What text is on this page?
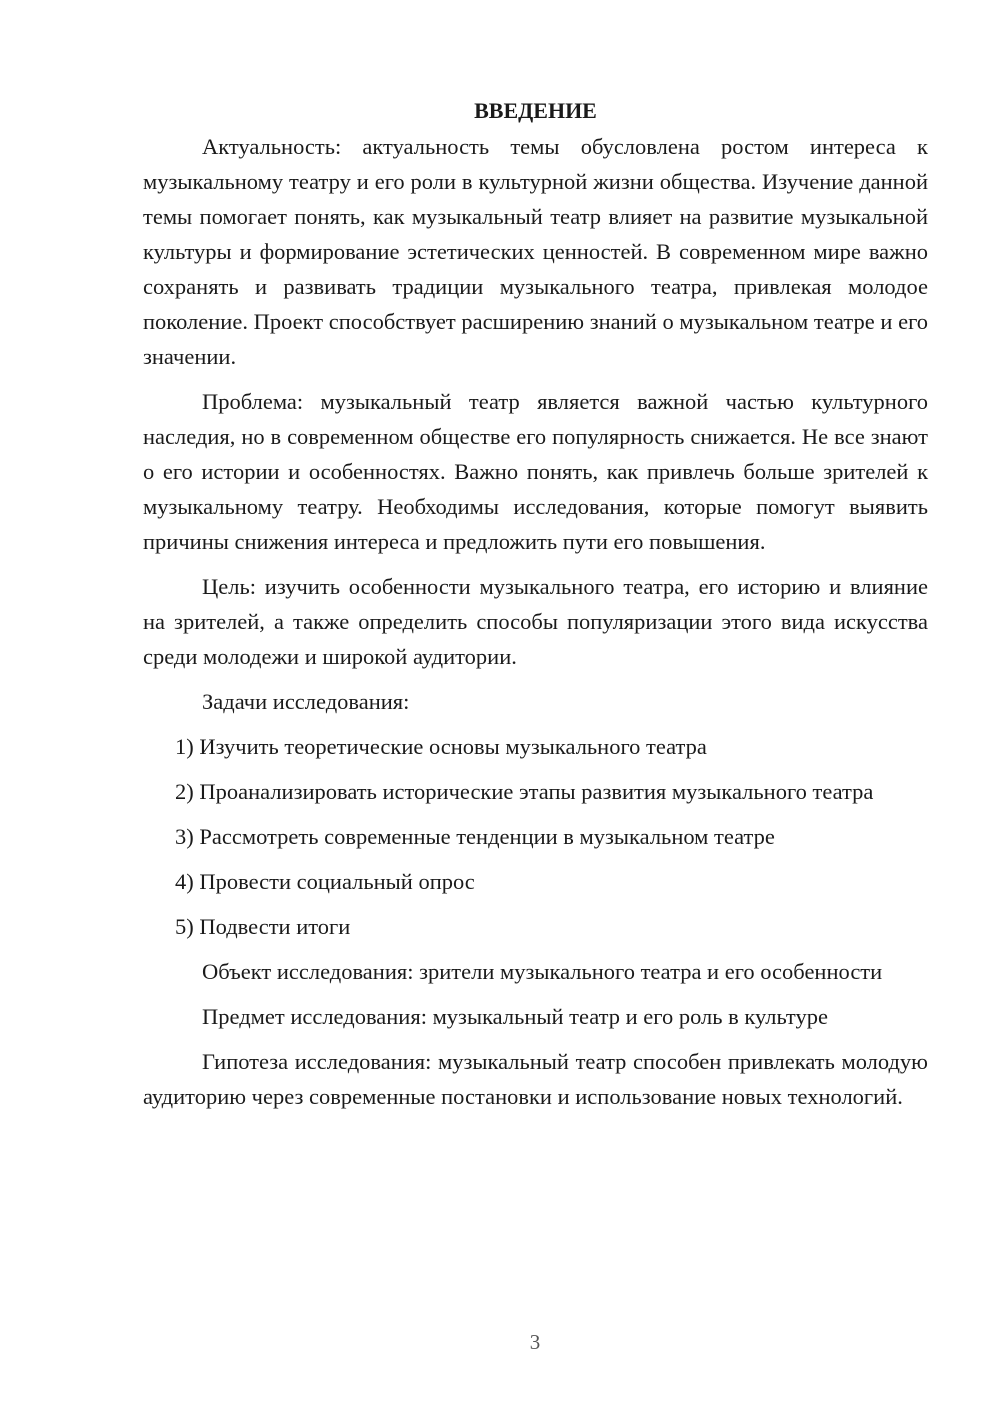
ВВЕДЕНИЕ

Актуальность: актуальность темы обусловлена ростом интереса к музыкальному театру и его роли в культурной жизни общества. Изучение данной темы помогает понять, как музыкальный театр влияет на развитие музыкальной культуры и формирование эстетических ценностей. В современном мире важно сохранять и развивать традиции музыкального театра, привлекая молодое поколение. Проект способствует расширению знаний о музыкальном театре и его значении.

Проблема: музыкальный театр является важной частью культурного наследия, но в современном обществе его популярность снижается. Не все знают о его истории и особенностях. Важно понять, как привлечь больше зрителей к музыкальному театру. Необходимы исследования, которые помогут выявить причины снижения интереса и предложить пути его повышения.

Цель: изучить особенности музыкального театра, его историю и влияние на зрителей, а также определить способы популяризации этого вида искусства среди молодежи и широкой аудитории.

Задачи исследования:

1) Изучить теоретические основы музыкального театра

2) Проанализировать исторические этапы развития музыкального театра

3) Рассмотреть современные тенденции в музыкальном театре

4) Провести социальный опрос

5) Подвести итоги

Объект исследования: зрители музыкального театра и его особенности

Предмет исследования: музыкальный театр и его роль в культуре

Гипотеза исследования: музыкальный театр способен привлекать молодую аудиторию через современные постановки и использование новых технологий.

3
